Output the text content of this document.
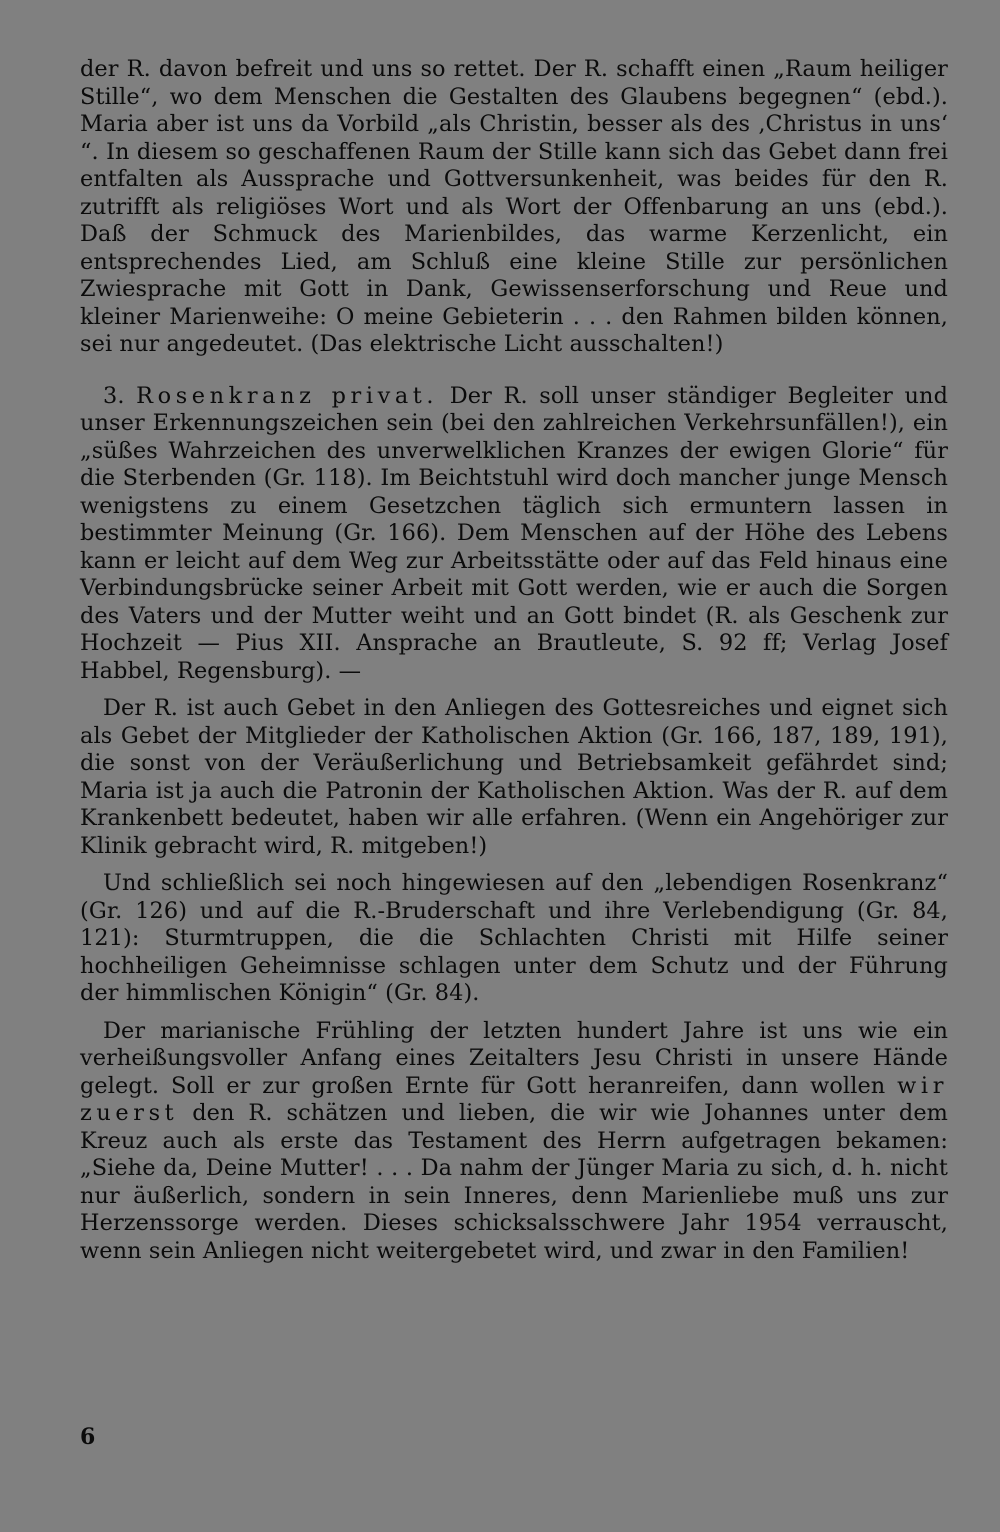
der R. davon befreit und uns so rettet. Der R. schafft einen „Raum heiliger Stille“, wo dem Menschen die Gestalten des Glaubens begegnen“ (ebd.). Maria aber ist uns da Vorbild „als Christin, besser als des ‚Christus in uns‘ “. In diesem so geschaffenen Raum der Stille kann sich das Gebet dann frei entfalten als Aussprache und Gottversunkenheit, was beides für den R. zutrifft als religiöses Wort und als Wort der Offenbarung an uns (ebd.). Daß der Schmuck des Marienbildes, das warme Kerzenlicht, ein entsprechendes Lied, am Schluß eine kleine Stille zur persönlichen Zwiesprache mit Gott in Dank, Gewissenserforschung und Reue und kleiner Marienweihe: O meine Gebieterin . . . den Rahmen bilden können, sei nur angedeutet. (Das elektrische Licht ausschalten!)

3. Rosenkranz privat. Der R. soll unser ständiger Begleiter und unser Erkennungszeichen sein (bei den zahlreichen Verkehrsunfällen!), ein „süßes Wahrzeichen des unverwelklichen Kranzes der ewigen Glorie“ für die Sterbenden (Gr. 118). Im Beichtstuhl wird doch mancher junge Mensch wenigstens zu einem Gesetzchen täglich sich ermuntern lassen in bestimmter Meinung (Gr. 166). Dem Menschen auf der Höhe des Lebens kann er leicht auf dem Weg zur Arbeitsstätte oder auf das Feld hinaus eine Verbindungsbrücke seiner Arbeit mit Gott werden, wie er auch die Sorgen des Vaters und der Mutter weiht und an Gott bindet (R. als Geschenk zur Hochzeit — Pius XII. Ansprache an Brautleute, S. 92 ff; Verlag Josef Habbel, Regensburg). —

Der R. ist auch Gebet in den Anliegen des Gottesreiches und eignet sich als Gebet der Mitglieder der Katholischen Aktion (Gr. 166, 187, 189, 191), die sonst von der Veräußerlichung und Betriebsamkeit gefährdet sind; Maria ist ja auch die Patronin der Katholischen Aktion. Was der R. auf dem Krankenbett bedeutet, haben wir alle erfahren. (Wenn ein Angehöriger zur Klinik gebracht wird, R. mitgeben!)

Und schließlich sei noch hingewiesen auf den „lebendigen Rosenkranz“ (Gr. 126) und auf die R.-Bruderschaft und ihre Verlebendigung (Gr. 84, 121): Sturmtruppen, die die Schlachten Christi mit Hilfe seiner hochheiligen Geheimnisse schlagen unter dem Schutz und der Führung der himmlischen Königin“ (Gr. 84).

Der marianische Frühling der letzten hundert Jahre ist uns wie ein verheißungsvoller Anfang eines Zeitalters Jesu Christi in unsere Hände gelegt. Soll er zur großen Ernte für Gott heranreifen, dann wollen wir zuerst den R. schätzen und lieben, die wir wie Johannes unter dem Kreuz auch als erste das Testament des Herrn aufgetragen bekamen: „Siehe da, Deine Mutter! . . . Da nahm der Jünger Maria zu sich, d. h. nicht nur äußerlich, sondern in sein Inneres, denn Marienliebe muß uns zur Herzenssorge werden. Dieses schicksalsschwere Jahr 1954 verrauscht, wenn sein Anliegen nicht weitergebetet wird, und zwar in den Familien!

6
